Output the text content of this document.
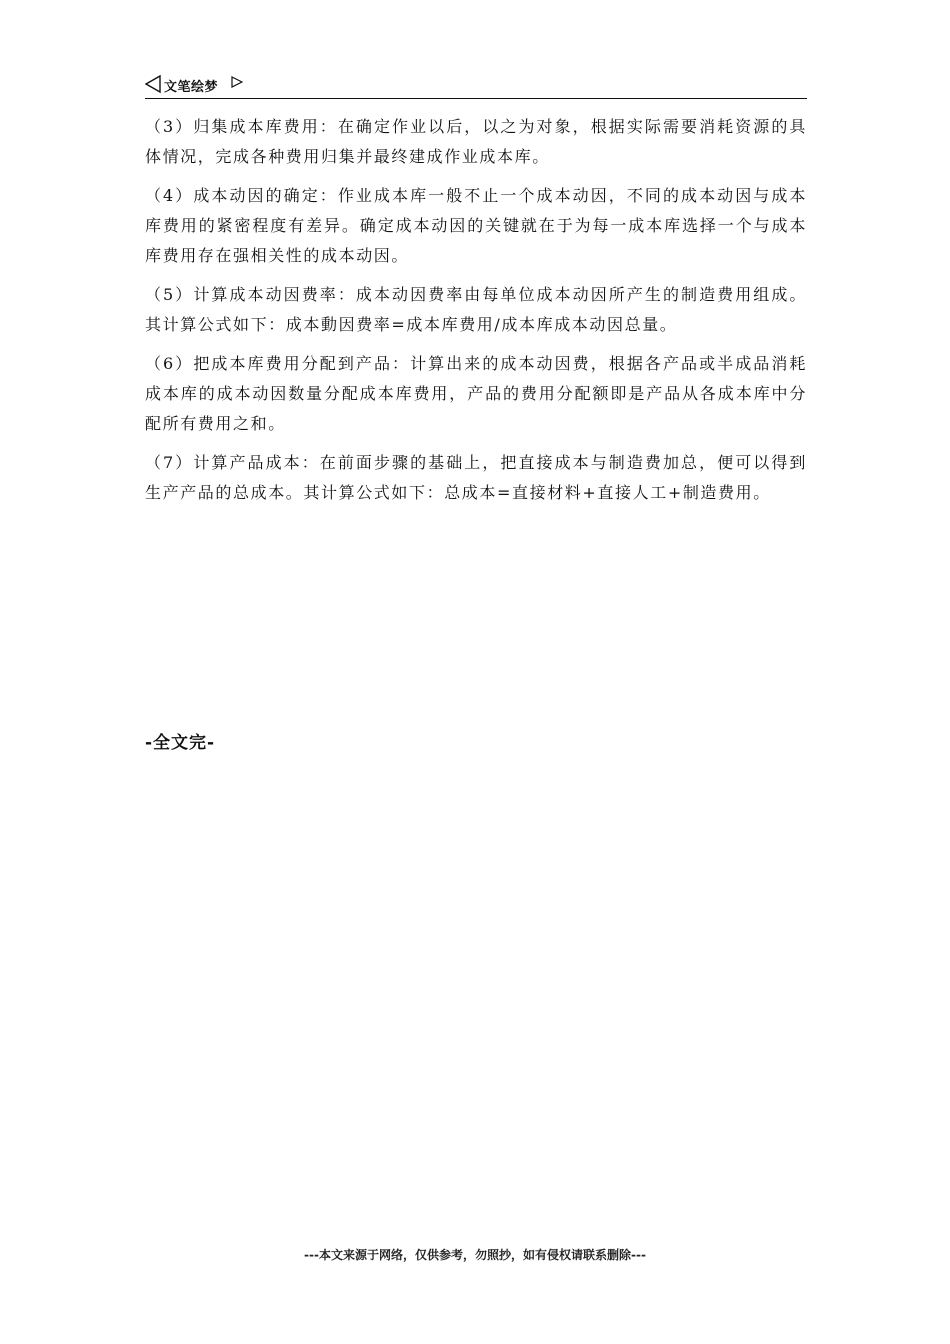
文笔绘梦

（3）归集成本库费用：在确定作业以后，以之为对象，根据实际需要消耗资源的具体情况，完成各种费用归集并最终建成作业成本库。

（4）成本动因的确定：作业成本库一般不止一个成本动因，不同的成本动因与成本库费用的紧密程度有差异。确定成本动因的关键就在于为每一成本库选择一个与成本库费用存在强相关性的成本动因。

（5）计算成本动因费率：成本动因费率由每单位成本动因所产生的制造费用组成。其计算公式如下：成本動因费率=成本库费用/成本库成本动因总量。

（6）把成本库费用分配到产品：计算出来的成本动因费，根据各产品或半成品消耗成本库的成本动因数量分配成本库费用，产品的费用分配额即是产品从各成本库中分配所有费用之和。

（7）计算产品成本：在前面步骤的基础上，把直接成本与制造费加总，便可以得到生产产品的总成本。其计算公式如下：总成本=直接材料+直接人工+制造费用。

-全文完-
---本文来源于网络，仅供参考，勿照抄，如有侵权请联系删除---
